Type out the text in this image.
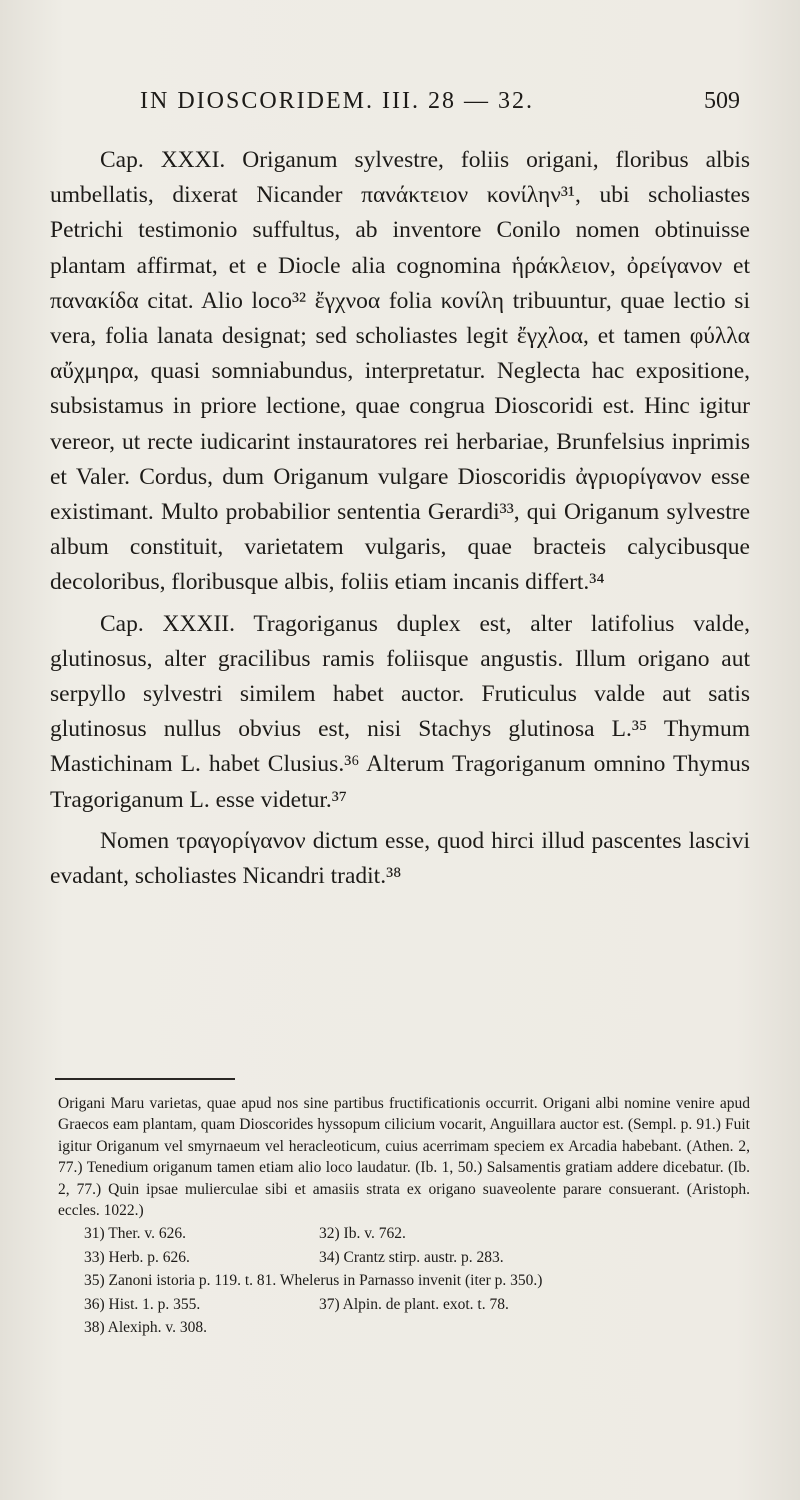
IN DIOSCORIDEM. III. 28 — 32.	509

Cap. XXXI. Origanum sylvestre, foliis origani, floribus albis umbellatis, dixerat Nicander πανάκτειον κονίλην³¹, ubi scholiastes Petrichi testimonio suffultus, ab inventore Conilo nomen obtinuisse plantam affirmat, et e Diocle alia cognomina ἡράκλειον, ὀρείγανον et πανακίδα citat. Alio loco³² ἔγχνοα folia κονίλη tribuuntur, quae lectio si vera, folia lanata designat; sed scholiastes legit ἔγχλοα, et tamen φύλλα αὔχμηρα, quasi somniabundus, interpretatur. Neglecta hac expositione, subsistamus in priore lectione, quae congrua Dioscoridi est. Hinc igitur vereor, ut recte iudicarint instauratores rei herbariae, Brunfelsius inprimis et Valer. Cordus, dum Origanum vulgare Dioscoridis ἀγριορίγανον esse existimant. Multo probabilior sententia Gerardi³³, qui Origanum sylvestre album constituit, varietatem vulgaris, quae bracteis calycibusque decoloribus, floribusque albis, foliis etiam incanis differt.³⁴

Cap. XXXII. Tragoriganus duplex est, alter latifolius valde, glutinosus, alter gracilibus ramis foliisque angustis. Illum origano aut serpyllo sylvestri similem habet auctor. Fruticulus valde aut satis glutinosus nullus obvius est, nisi Stachys glutinosa L.³⁵ Thymum Mastichinam L. habet Clusius.³⁶ Alterum Tragoriganum omnino Thymus Tragoriganum L. esse videtur.³⁷

Nomen τραγορίγανον dictum esse, quod hirci illud pascentes lascivi evadant, scholiastes Nicandri tradit.³⁸

Origani Maru varietas, quae apud nos sine partibus fructificationis occurrit. Origani albi nomine venire apud Graecos eam plantam, quam Dioscorides hyssopum cilicium vocarit, Anguillara auctor est. (Sempl. p. 91.) Fuit igitur Origanum vel smyrnaeum vel heracleoticum, cuius acerrimam speciem ex Arcadia habebant. (Athen. 2, 77.) Tenedium origanum tamen etiam alio loco laudatur. (Ib. 1, 50.) Salsamentis gratiam addere dicebatur. (Ib. 2, 77.) Quin ipsae mulierculae sibi et amasiis strata ex origano suaveolente parare consuerant. (Aristoph. eccles. 1022.)

31) Ther. v. 626.	32) Ib. v. 762.
33) Herb. p. 626.	34) Crantz stirp. austr. p. 283.

35) Zanoni istoria p. 119. t. 81. Whelerus in Parnasso invenit (iter p. 350.)

36) Hist. 1. p. 355.	37) Alpin. de plant. exot. t. 78.
38) Alexiph. v. 308.
